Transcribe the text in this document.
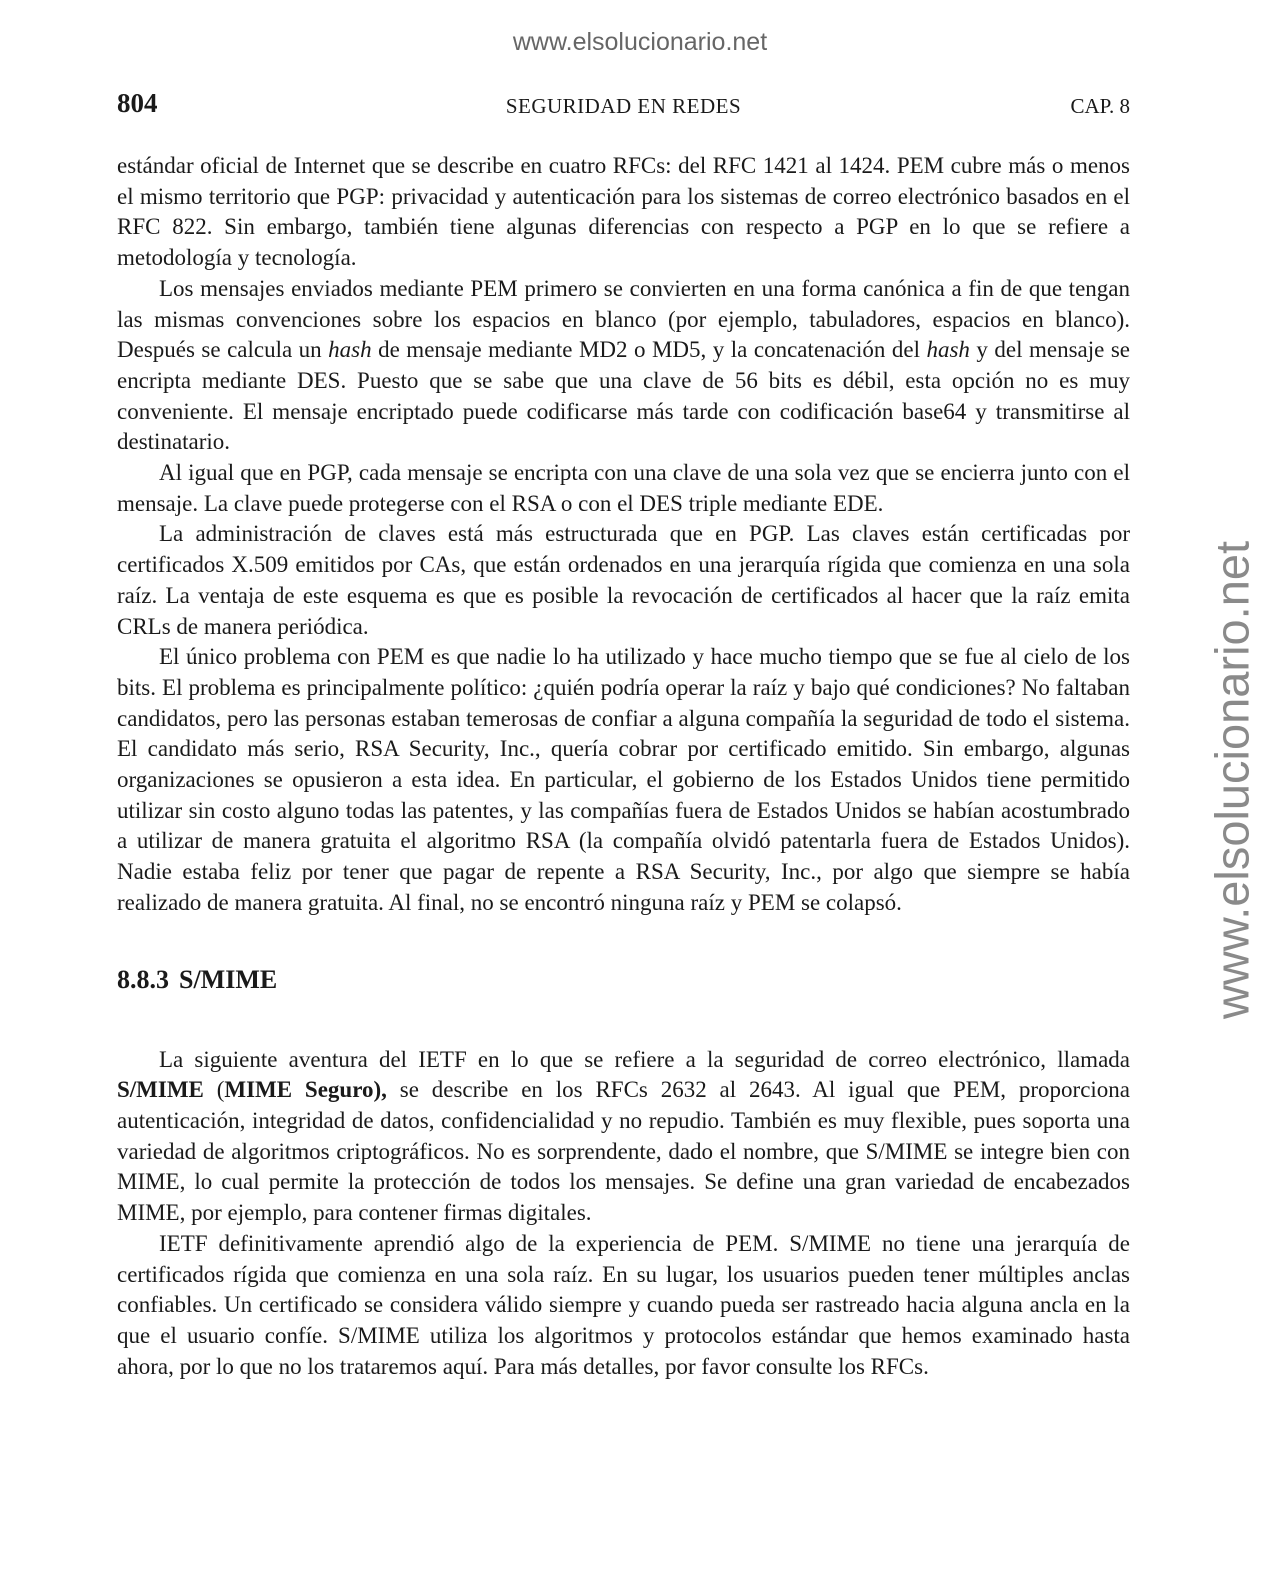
www.elsolucionario.net
www.elsolucionario.net
804	SEGURIDAD EN REDES	CAP. 8

estándar oficial de Internet que se describe en cuatro RFCs: del RFC 1421 al 1424. PEM cubre más o menos el mismo territorio que PGP: privacidad y autenticación para los sistemas de correo electrónico basados en el RFC 822. Sin embargo, también tiene algunas diferencias con respecto a PGP en lo que se refiere a metodología y tecnología.

Los mensajes enviados mediante PEM primero se convierten en una forma canónica a fin de que tengan las mismas convenciones sobre los espacios en blanco (por ejemplo, tabuladores, espacios en blanco). Después se calcula un hash de mensaje mediante MD2 o MD5, y la concatenación del hash y del mensaje se encripta mediante DES. Puesto que se sabe que una clave de 56 bits es débil, esta opción no es muy conveniente. El mensaje encriptado puede codificarse más tarde con codificación base64 y transmitirse al destinatario.

Al igual que en PGP, cada mensaje se encripta con una clave de una sola vez que se encierra junto con el mensaje. La clave puede protegerse con el RSA o con el DES triple mediante EDE.

La administración de claves está más estructurada que en PGP. Las claves están certificadas por certificados X.509 emitidos por CAs, que están ordenados en una jerarquía rígida que comienza en una sola raíz. La ventaja de este esquema es que es posible la revocación de certificados al hacer que la raíz emita CRLs de manera periódica.

El único problema con PEM es que nadie lo ha utilizado y hace mucho tiempo que se fue al cielo de los bits. El problema es principalmente político: ¿quién podría operar la raíz y bajo qué condiciones? No faltaban candidatos, pero las personas estaban temerosas de confiar a alguna compañía la seguridad de todo el sistema. El candidato más serio, RSA Security, Inc., quería cobrar por certificado emitido. Sin embargo, algunas organizaciones se opusieron a esta idea. En particular, el gobierno de los Estados Unidos tiene permitido utilizar sin costo alguno todas las patentes, y las compañías fuera de Estados Unidos se habían acostumbrado a utilizar de manera gratuita el algoritmo RSA (la compañía olvidó patentarla fuera de Estados Unidos). Nadie estaba feliz por tener que pagar de repente a RSA Security, Inc., por algo que siempre se había realizado de manera gratuita. Al final, no se encontró ninguna raíz y PEM se colapsó.

8.8.3 S/MIME

La siguiente aventura del IETF en lo que se refiere a la seguridad de correo electrónico, llamada S/MIME (MIME Seguro), se describe en los RFCs 2632 al 2643. Al igual que PEM, proporciona autenticación, integridad de datos, confidencialidad y no repudio. También es muy flexible, pues soporta una variedad de algoritmos criptográficos. No es sorprendente, dado el nombre, que S/MIME se integre bien con MIME, lo cual permite la protección de todos los mensajes. Se define una gran variedad de encabezados MIME, por ejemplo, para contener firmas digitales.

IETF definitivamente aprendió algo de la experiencia de PEM. S/MIME no tiene una jerarquía de certificados rígida que comienza en una sola raíz. En su lugar, los usuarios pueden tener múltiples anclas confiables. Un certificado se considera válido siempre y cuando pueda ser rastreado hacia alguna ancla en la que el usuario confíe. S/MIME utiliza los algoritmos y protocolos estándar que hemos examinado hasta ahora, por lo que no los trataremos aquí. Para más detalles, por favor consulte los RFCs.
